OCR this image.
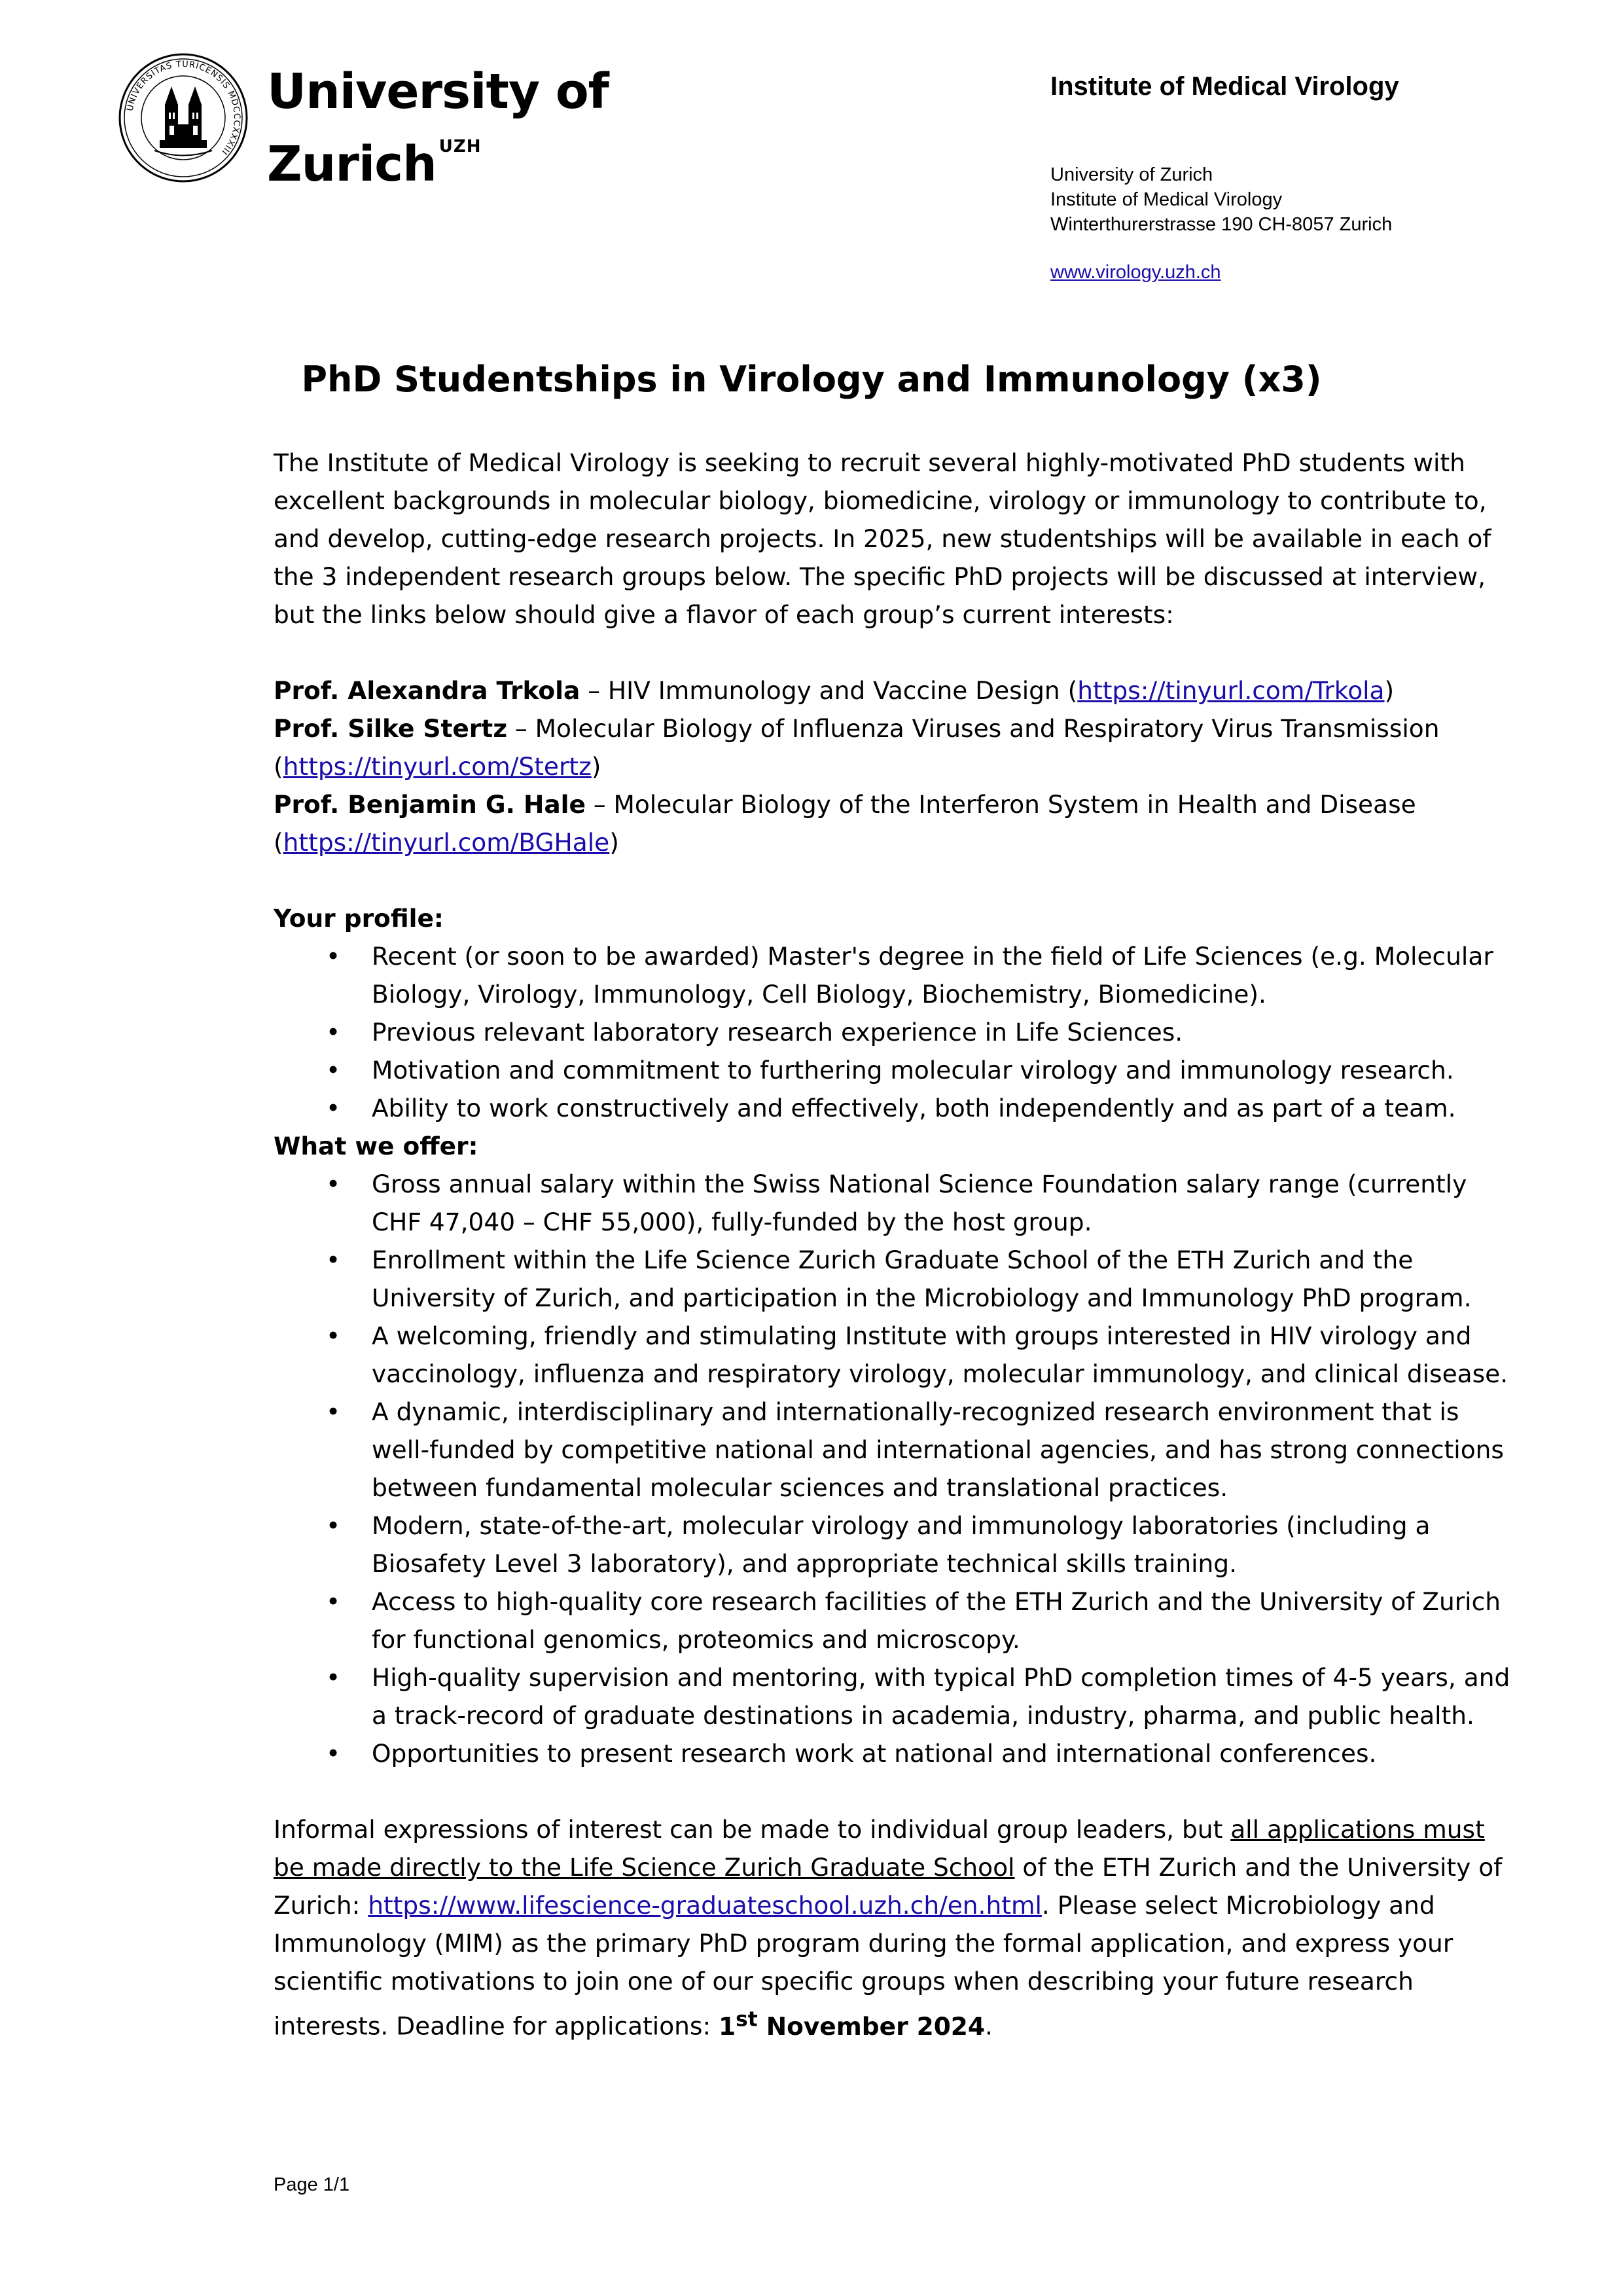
UNIVERSITAS TURICENSIS MDCCCXXXIII
University of
Zurich $^{UZH}$
Institute of Medical Virology
University of Zurich
Institute of Medical Virology
Winterthurerstrasse 190 CH-8057 Zurich
www.virology.uzh.ch
PhD Studentships in Virology and Immunology (x3)

The Institute of Medical Virology is seeking to recruit several highly-motivated PhD students with excellent backgrounds in molecular biology, biomedicine, virology or immunology to contribute to, and develop, cutting-edge research projects. In 2025, new studentships will be available in each of the 3 independent research groups below. The specific PhD projects will be discussed at interview, but the links below should give a flavor of each group’s current interests:

Prof. Alexandra Trkola – HIV Immunology and Vaccine Design (https://tinyurl.com/Trkola)

Prof. Silke Stertz – Molecular Biology of Influenza Viruses and Respiratory Virus Transmission (https://tinyurl.com/Stertz)

Prof. Benjamin G. Hale – Molecular Biology of the Interferon System in Health and Disease (https://tinyurl.com/BGHale)

Your profile:

• Recent (or soon to be awarded) Master's degree in the field of Life Sciences (e.g. Molecular Biology, Virology, Immunology, Cell Biology, Biochemistry, Biomedicine).
• Previous relevant laboratory research experience in Life Sciences.
• Motivation and commitment to furthering molecular virology and immunology research.
• Ability to work constructively and effectively, both independently and as part of a team.

What we offer:

• Gross annual salary within the Swiss National Science Foundation salary range (currently CHF 47,040 – CHF 55,000), fully-funded by the host group.
• Enrollment within the Life Science Zurich Graduate School of the ETH Zurich and the University of Zurich, and participation in the Microbiology and Immunology PhD program.
• A welcoming, friendly and stimulating Institute with groups interested in HIV virology and vaccinology, influenza and respiratory virology, molecular immunology, and clinical disease.
• A dynamic, interdisciplinary and internationally-recognized research environment that is well-funded by competitive national and international agencies, and has strong connections between fundamental molecular sciences and translational practices.
• Modern, state-of-the-art, molecular virology and immunology laboratories (including a Biosafety Level 3 laboratory), and appropriate technical skills training.
• Access to high-quality core research facilities of the ETH Zurich and the University of Zurich for functional genomics, proteomics and microscopy.
• High-quality supervision and mentoring, with typical PhD completion times of 4-5 years, and a track-record of graduate destinations in academia, industry, pharma, and public health.
• Opportunities to present research work at national and international conferences.

Informal expressions of interest can be made to individual group leaders, but all applications must be made directly to the Life Science Zurich Graduate School of the ETH Zurich and the University of Zurich: https://www.lifescience-graduateschool.uzh.ch/en.html. Please select Microbiology and Immunology (MIM) as the primary PhD program during the formal application, and express your scientific motivations to join one of our specific groups when describing your future research interests. Deadline for applications: 1st November 2024.

Page 1/1
